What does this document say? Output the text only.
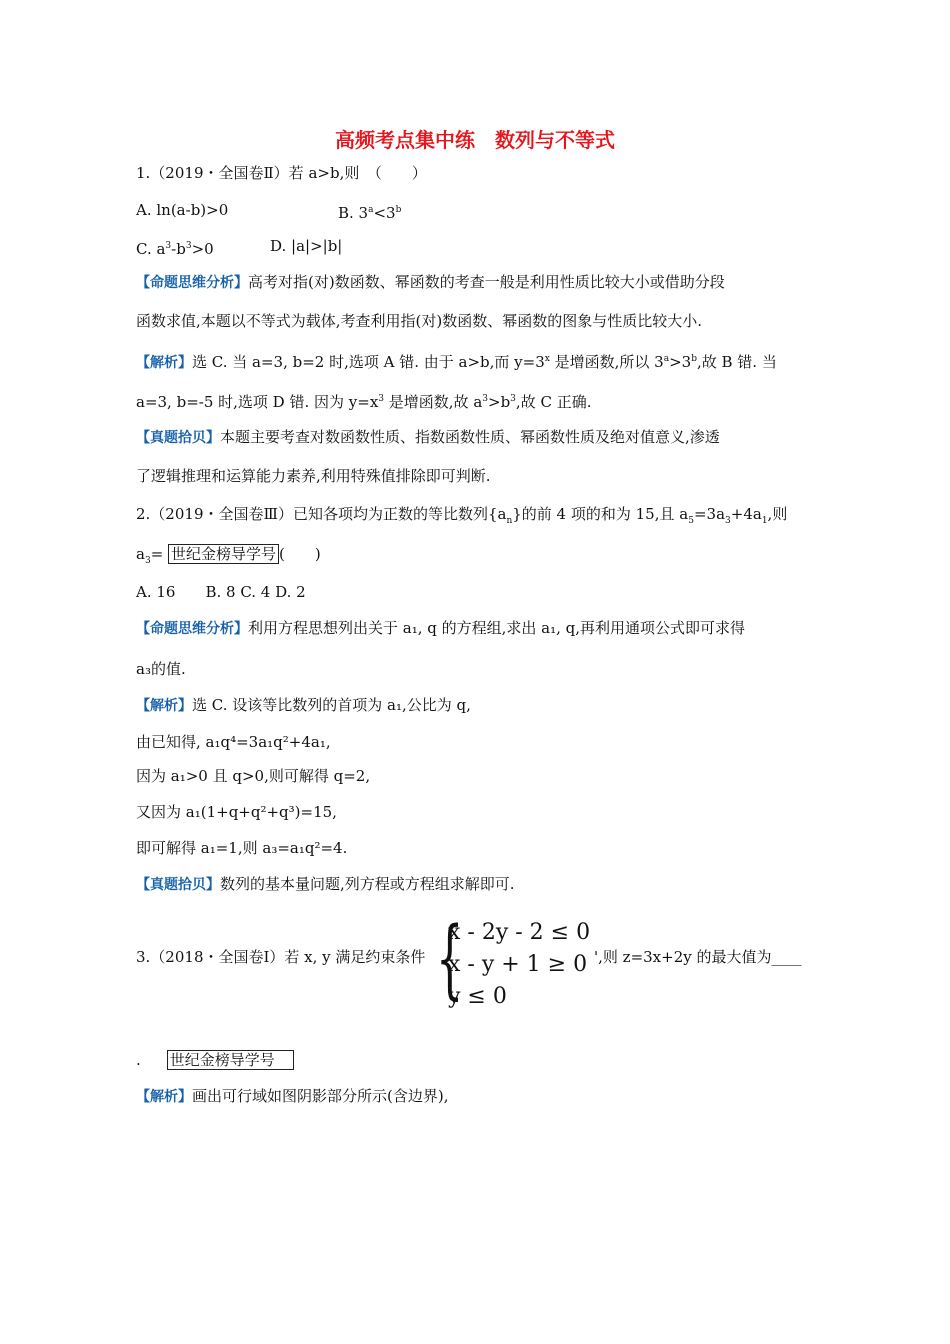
高频考点集中练　数列与不等式
1.（2019・全国卷Ⅱ）若 a>b,则　（　　）
A. ln(a-b)>0	B. $3^a<3^b$
C. $a^3-b^3>0$	D. |a|>|b|
【命题思维分析】高考对指(对)数函数、幂函数的考查一般是利用性质比较大小或借助分段
函数求值,本题以不等式为载体,考查利用指(对)数函数、幂函数的图象与性质比较大小.
【解析】选 C. 当 a=3, b=2 时,选项 A 错. 由于 a>b,而 $y=3^x$ 是增函数,所以 $3^a>3^b$,故 B 错. 当
a=3, b=-5 时,选项 D 错. 因为 $y=x^3$ 是增函数,故 $a^3>b^3$,故 C 正确.
【真题拾贝】本题主要考查对数函数性质、指数函数性质、幂函数性质及绝对值意义,渗透
了逻辑推理和运算能力素养,利用特殊值排除即可判断.
2.（2019・全国卷Ⅲ）已知各项均为正数的等比数列$\{a_n\}$的前 4 项的和为 15,且 $a_5=3a_3+4a_1$,则
$a_3=$ 世纪金榜导学号 (　　)
A. 16　　B. 8 C. 4 D. 2
【命题思维分析】利用方程思想列出关于 a₁, q 的方程组,求出 a₁, q,再利用通项公式即可求得
a₃的值.
【解析】选 C. 设该等比数列的首项为 a₁,公比为 q,
由已知得, a₁q⁴=3a₁q²+4a₁,
因为 a₁>0 且 q>0,则可解得 q=2,
又因为 a₁(1+q+q²+q³)=15,
即可解得 a₁=1,则 a₃=a₁q²=4.
【真题拾贝】数列的基本量问题,列方程或方程组求解即可.
3.（2018・全国卷Ⅰ）若 x, y 满足约束条件 {
x - 2y - 2 ≤ 0
x - y + 1 ≥ 0
y ≤ 0
',则 z=3x+2y 的最大值为____
. 世纪金榜导学号
【解析】画出可行域如图阴影部分所示(含边界),
